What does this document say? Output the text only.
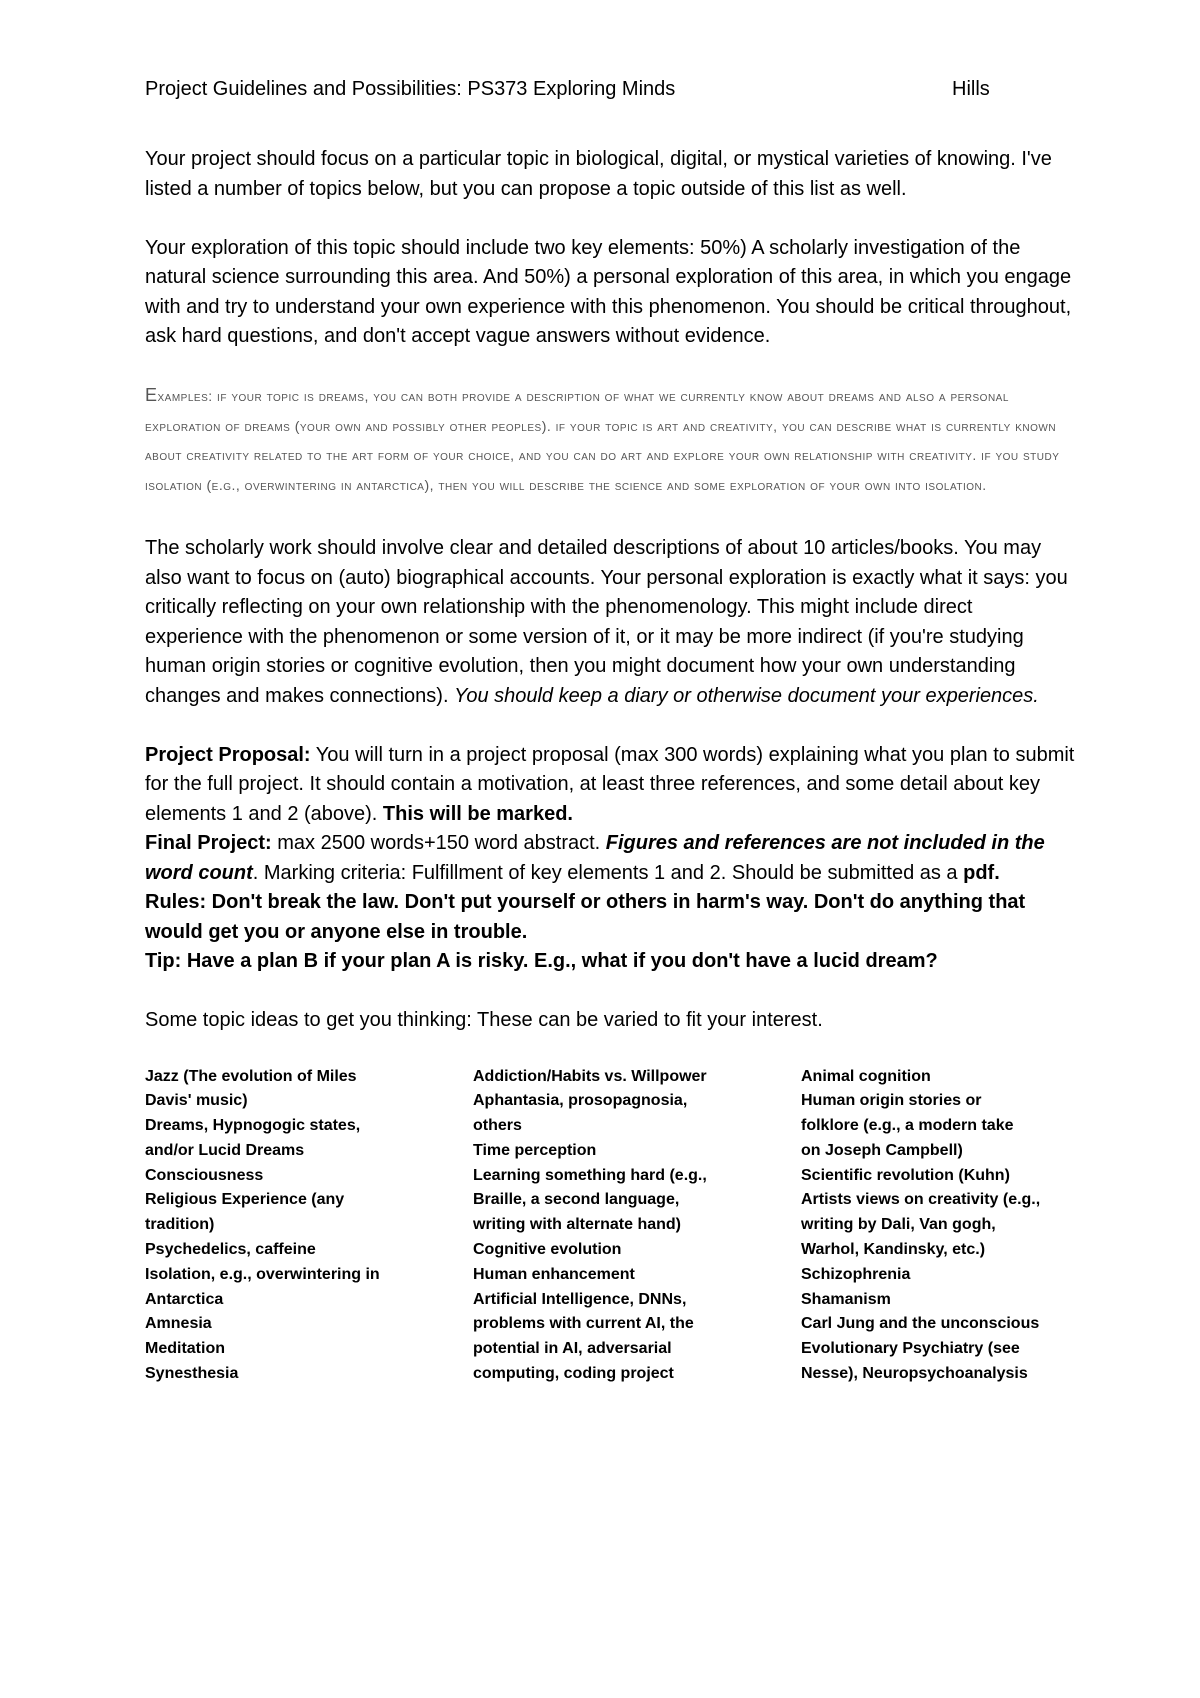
Project Guidelines and Possibilities: PS373 Exploring Minds	Hills

Your project should focus on a particular topic in biological, digital, or mystical varieties of knowing. I've listed a number of topics below, but you can propose a topic outside of this list as well.

Your exploration of this topic should include two key elements: 50%) A scholarly investigation of the natural science surrounding this area. And 50%) a personal exploration of this area, in which you engage with and try to understand your own experience with this phenomenon. You should be critical throughout, ask hard questions, and don't accept vague answers without evidence.

Examples: if your topic is dreams, you can both provide a description of what we currently know about dreams and also a personal exploration of dreams (your own and possibly other peoples). if your topic is art and creativity, you can describe what is currently known about creativity related to the art form of your choice, and you can do art and explore your own relationship with creativity. if you study isolation (e.g., overwintering in antarctica), then you will describe the science and some exploration of your own into isolation.

The scholarly work should involve clear and detailed descriptions of about 10 articles/books. You may also want to focus on (auto) biographical accounts. Your personal exploration is exactly what it says: you critically reflecting on your own relationship with the phenomenology. This might include direct experience with the phenomenon or some version of it, or it may be more indirect (if you're studying human origin stories or cognitive evolution, then you might document how your own understanding changes and makes connections). You should keep a diary or otherwise document your experiences.

Project Proposal: You will turn in a project proposal (max 300 words) explaining what you plan to submit for the full project. It should contain a motivation, at least three references, and some detail about key elements 1 and 2 (above). This will be marked.

Final Project: max 2500 words+150 word abstract. Figures and references are not included in the word count. Marking criteria: Fulfillment of key elements 1 and 2. Should be submitted as a pdf.

Rules: Don't break the law. Don't put yourself or others in harm's way. Don't do anything that would get you or anyone else in trouble.

Tip: Have a plan B if your plan A is risky. E.g., what if you don't have a lucid dream?

Some topic ideas to get you thinking: These can be varied to fit your interest.

Jazz (The evolution of Miles
Davis' music)
Dreams, Hypnogogic states,
and/or Lucid Dreams
Consciousness
Religious Experience (any
tradition)
Psychedelics, caffeine
Isolation, e.g., overwintering in
Antarctica
Amnesia
Meditation
Synesthesia
Addiction/Habits vs. Willpower
Aphantasia, prosopagnosia,
others
Time perception
Learning something hard (e.g.,
Braille, a second language,
writing with alternate hand)
Cognitive evolution
Human enhancement
Artificial Intelligence, DNNs,
problems with current AI, the
potential in AI, adversarial
computing, coding project
Animal cognition
Human origin stories or
folklore (e.g., a modern take
on Joseph Campbell)
Scientific revolution (Kuhn)
Artists views on creativity (e.g.,
writing by Dali, Van gogh,
Warhol, Kandinsky, etc.)
Schizophrenia
Shamanism
Carl Jung and the unconscious
Evolutionary Psychiatry (see
Nesse), Neuropsychoanalysis
